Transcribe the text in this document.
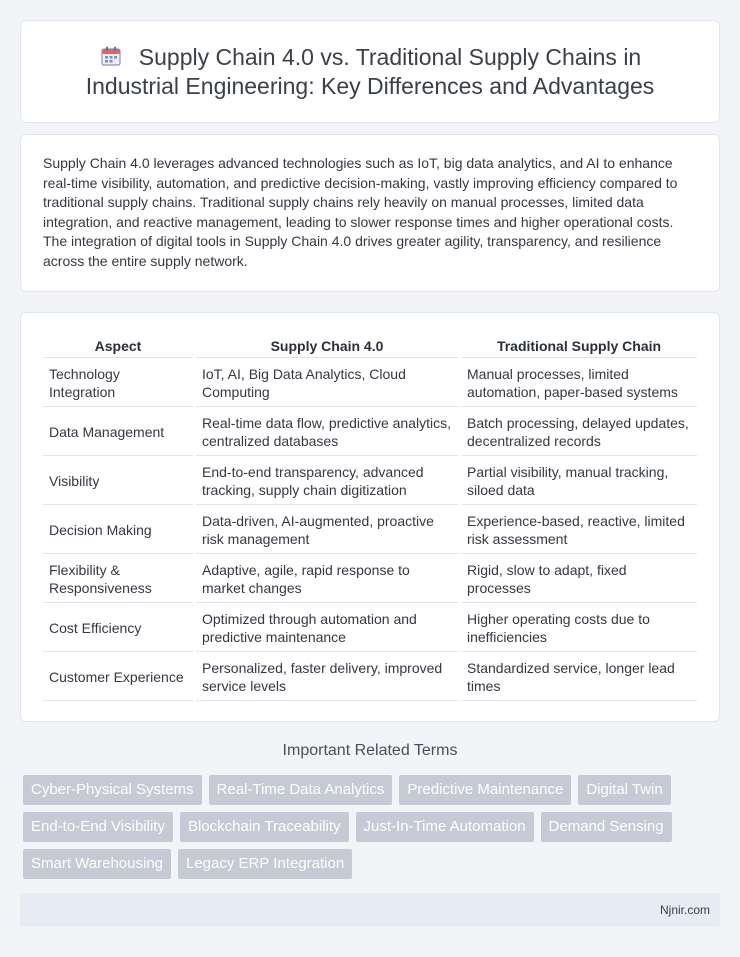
Supply Chain 4.0 vs. Traditional Supply Chains in Industrial Engineering: Key Differences and Advantages

Supply Chain 4.0 leverages advanced technologies such as IoT, big data analytics, and AI to enhance real-time visibility, automation, and predictive decision-making, vastly improving efficiency compared to traditional supply chains. Traditional supply chains rely heavily on manual processes, limited data integration, and reactive management, leading to slower response times and higher operational costs. The integration of digital tools in Supply Chain 4.0 drives greater agility, transparency, and resilience across the entire supply network.

Aspect		Supply Chain 4.0		Traditional Supply Chain
Technology Integration		IoT, AI, Big Data Analytics, Cloud Computing		Manual processes, limited automation, paper-based systems
Data Management		Real-time data flow, predictive analytics, centralized databases		Batch processing, delayed updates, decentralized records
Visibility		End-to-end transparency, advanced tracking, supply chain digitization		Partial visibility, manual tracking, siloed data
Decision Making		Data-driven, AI-augmented, proactive risk management		Experience-based, reactive, limited risk assessment
Flexibility & Responsiveness		Adaptive, agile, rapid response to market changes		Rigid, slow to adapt, fixed processes
Cost Efficiency		Optimized through automation and predictive maintenance		Higher operating costs due to inefficiencies
Customer Experience		Personalized, faster delivery, improved service levels		Standardized service, longer lead times
Important Related Terms
Cyber-Physical Systems	Real-Time Data Analytics	Predictive Maintenance	Digital Twin
End-to-End Visibility	Blockchain Traceability	Just-In-Time Automation	Demand Sensing
Smart Warehousing	Legacy ERP Integration
Njnir.com
